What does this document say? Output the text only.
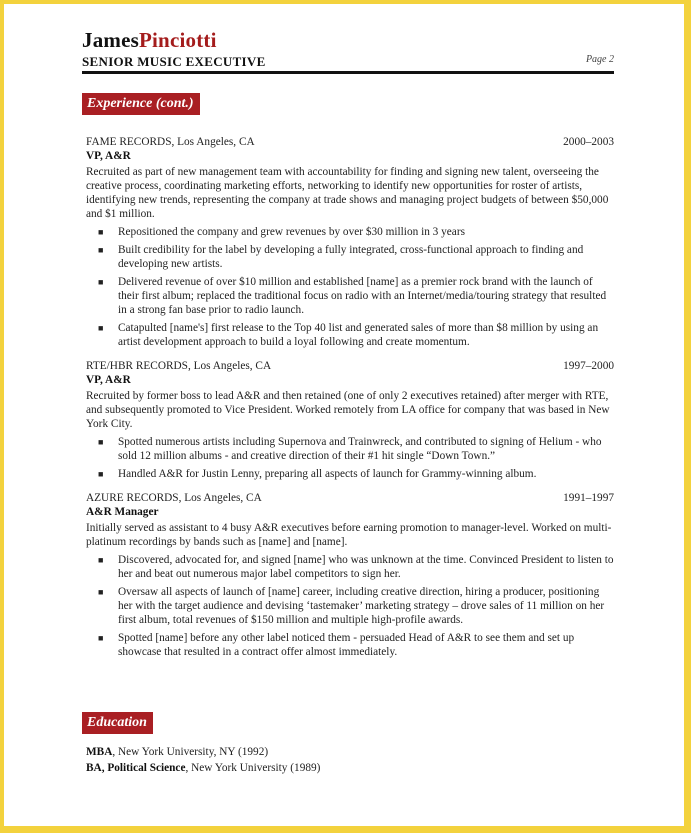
JamesPinciotti
SENIOR MUSIC EXECUTIVE	Page 2
Experience (cont.)
FAME RECORDS, Los Angeles, CA	2000–2003
VP, A&R
Recruited as part of new management team with accountability for finding and signing new talent, overseeing the creative process, coordinating marketing efforts, networking to identify new opportunities for roster of artists, identifying new trends, representing the company at trade shows and managing project budgets of between $50,000 and $1 million.
■ Repositioned the company and grew revenues by over $30 million in 3 years
■ Built credibility for the label by developing a fully integrated, cross-functional approach to finding and developing new artists.
■ Delivered revenue of over $10 million and established [name] as a premier rock brand with the launch of their first album; replaced the traditional focus on radio with an Internet/media/touring strategy that resulted in a strong fan base prior to radio launch.
■ Catapulted [name's] first release to the Top 40 list and generated sales of more than $8 million by using an artist development approach to build a loyal following and create momentum.
RTE/HBR RECORDS, Los Angeles, CA	1997–2000
VP, A&R
Recruited by former boss to lead A&R and then retained (one of only 2 executives retained) after merger with RTE, and subsequently promoted to Vice President. Worked remotely from LA office for company that was based in New York City.
■ Spotted numerous artists including Supernova and Trainwreck, and contributed to signing of Helium - who sold 12 million albums - and creative direction of their #1 hit single “Down Town.”
■ Handled A&R for Justin Lenny, preparing all aspects of launch for Grammy-winning album.
AZURE RECORDS, Los Angeles, CA	1991–1997
A&R Manager
Initially served as assistant to 4 busy A&R executives before earning promotion to manager-level. Worked on multi-platinum recordings by bands such as [name] and [name].
■ Discovered, advocated for, and signed [name] who was unknown at the time. Convinced President to listen to her and beat out numerous major label competitors to sign her.
■ Oversaw all aspects of launch of [name] career, including creative direction, hiring a producer, positioning her with the target audience and devising ‘tastemaker’ marketing strategy – drove sales of 11 million on her first album, total revenues of $150 million and multiple high-profile awards.
■ Spotted [name] before any other label noticed them - persuaded Head of A&R to see them and set up showcase that resulted in a contract offer almost immediately.
Education
MBA, New York University, NY (1992)
BA, Political Science, New York University (1989)
